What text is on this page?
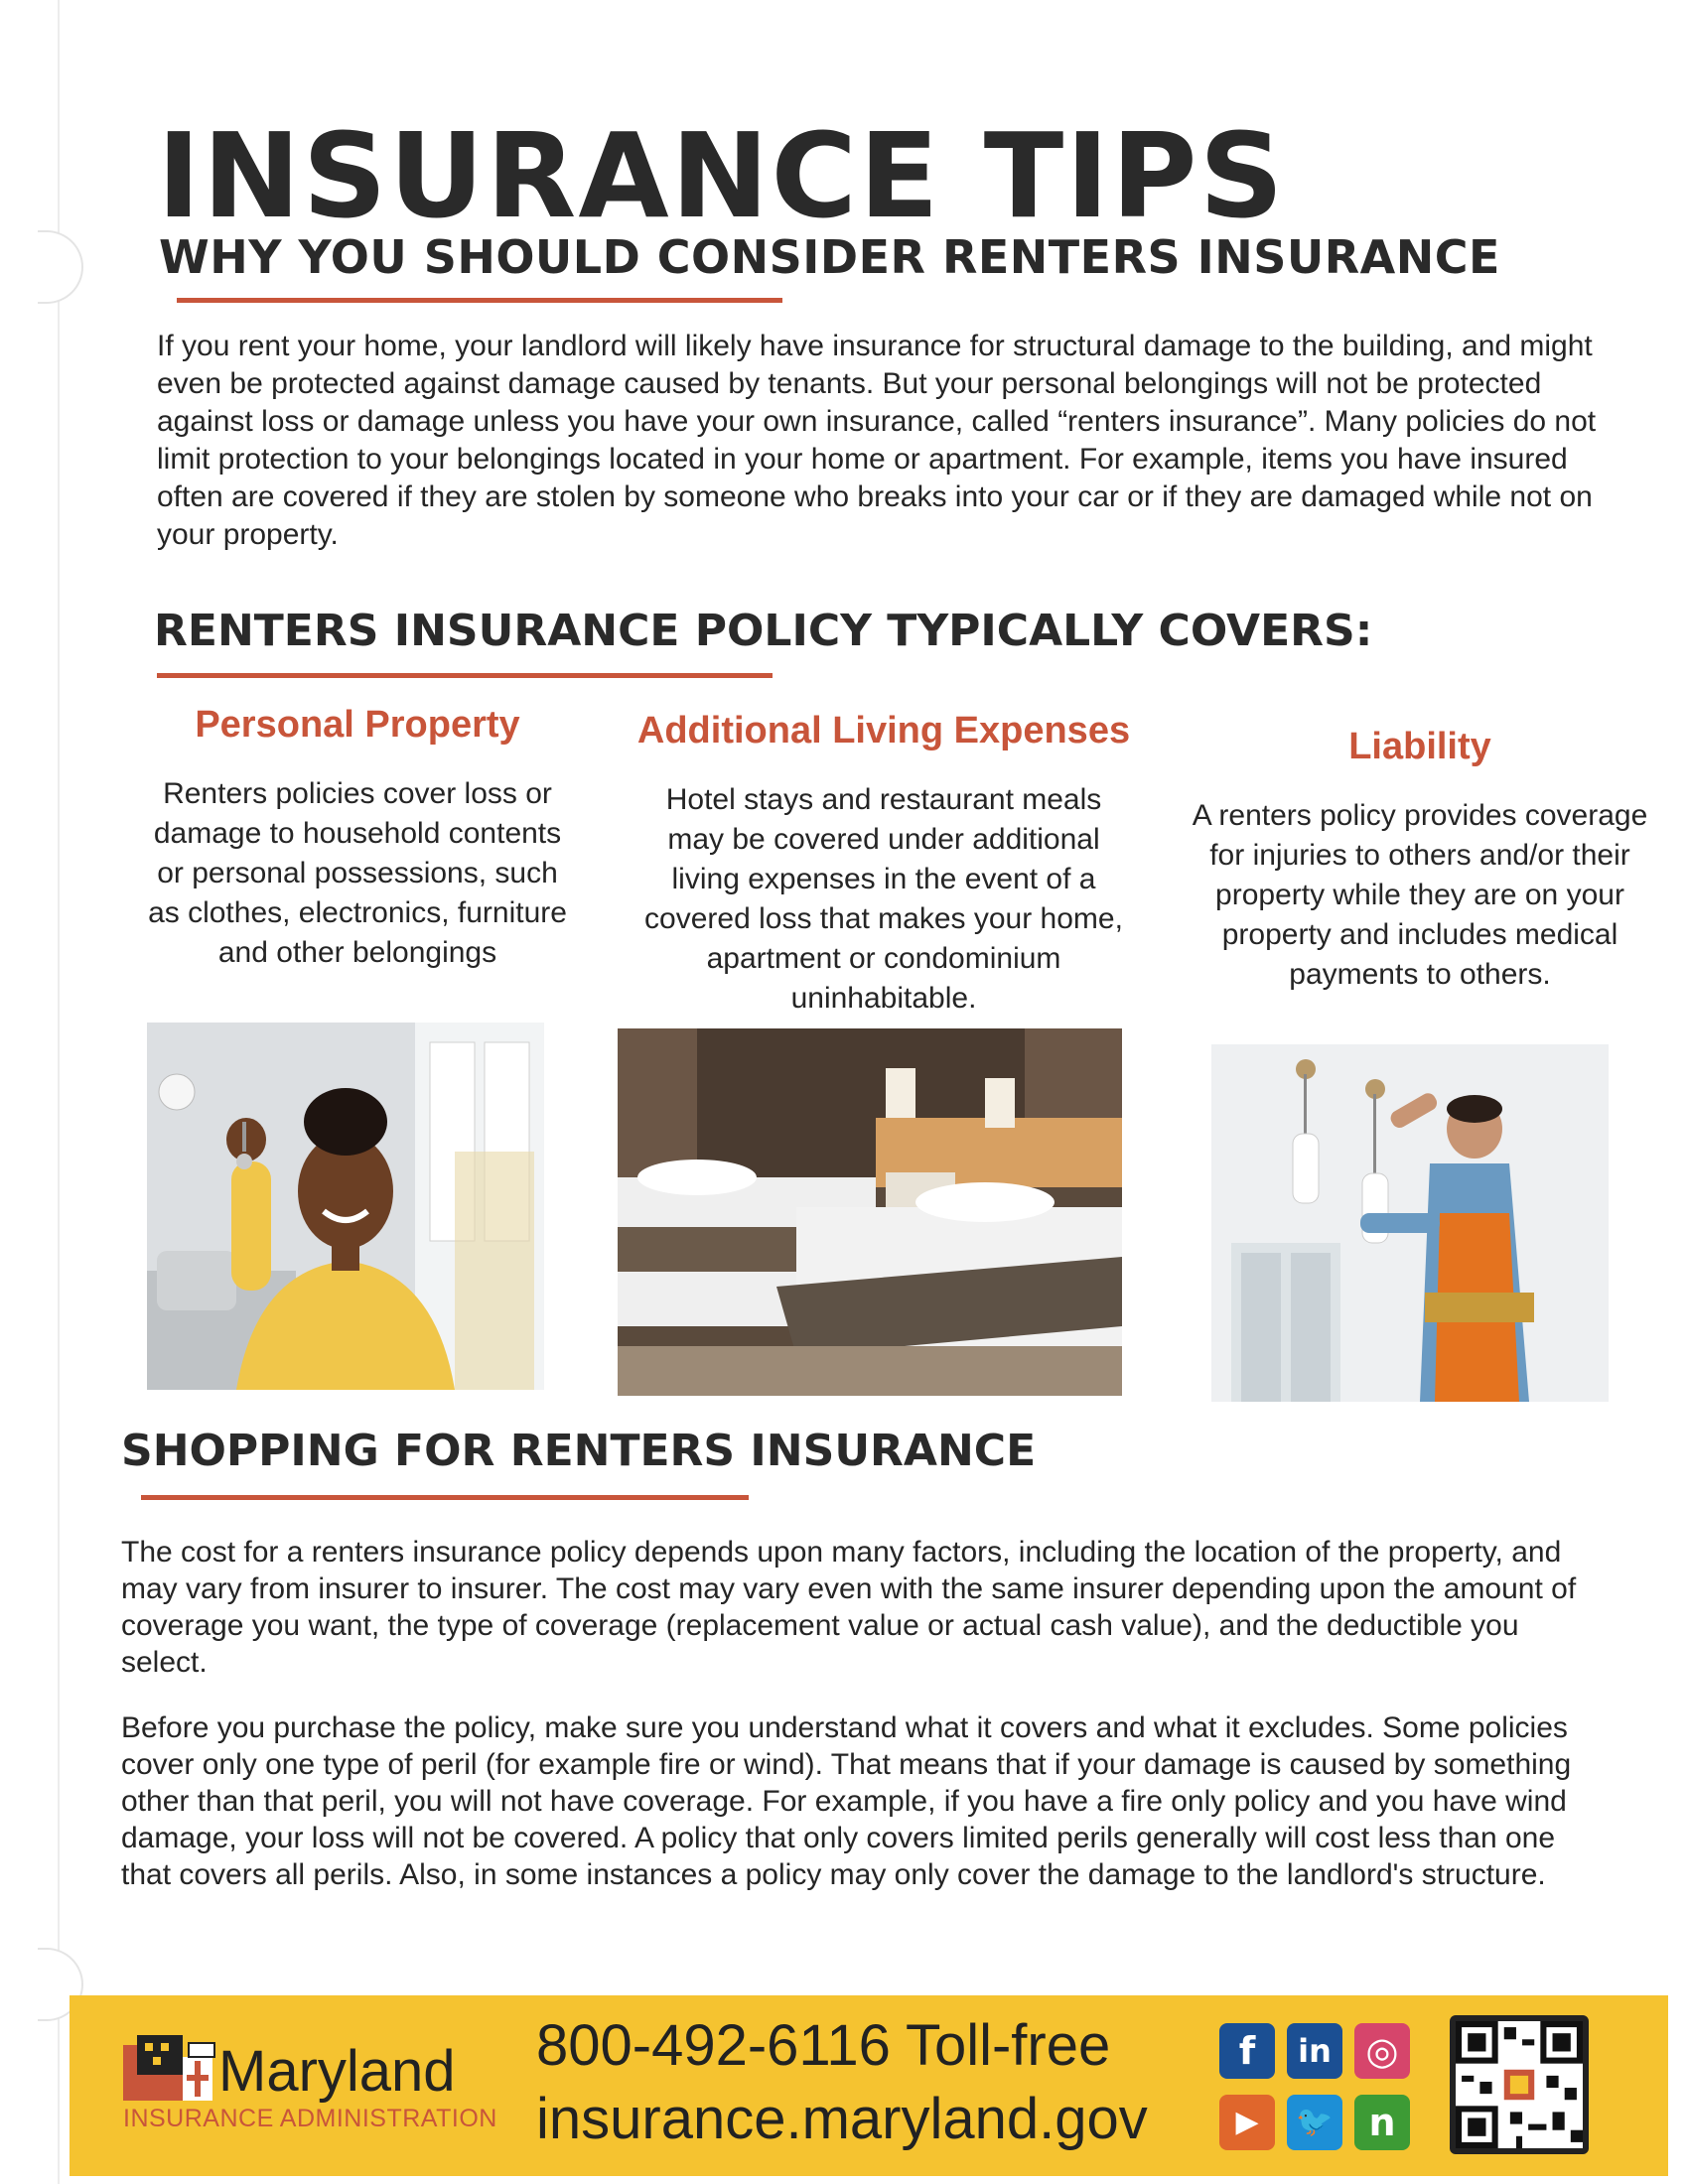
INSURANCE TIPS
WHY YOU SHOULD CONSIDER RENTERS INSURANCE

If you rent your home, your landlord will likely have insurance for structural damage to the building, and might even be protected against damage caused by tenants. But your personal belongings will not be protected against loss or damage unless you have your own insurance, called “renters insurance”. Many policies do not limit protection to your belongings located in your home or apartment. For example, items you have insured often are covered if they are stolen by someone who breaks into your car or if they are damaged while not on your property.

RENTERS INSURANCE POLICY TYPICALLY COVERS:
Personal Property

Renters policies cover loss or damage to household contents or personal possessions, such as clothes, electronics, furniture and other belongings

Additional Living Expenses

Hotel stays and restaurant meals may be covered under additional living expenses in the event of a covered loss that makes your home, apartment or condominium uninhabitable.

Liability

A renters policy provides coverage for injuries to others and/or their property while they are on your property and includes medical payments to others.

SHOPPING FOR RENTERS INSURANCE

The cost for a renters insurance policy depends upon many factors, including the location of the property, and may vary from insurer to insurer. The cost may vary even with the same insurer depending upon the amount of coverage you want, the type of coverage (replacement value or actual cash value), and the deductible you select.

Before you purchase the policy, make sure you understand what it covers and what it excludes. Some policies cover only one type of peril (for example fire or wind). That means that if your damage is caused by something other than that peril, you will not have coverage. For example, if you have a fire only policy and you have wind damage, your loss will not be covered. A policy that only covers limited perils generally will cost less than one that covers all perils. Also, in some instances a policy may only cover the damage to the landlord's structure.

Maryland
INSURANCE ADMINISTRATION
800-492-6116 Toll-free
insurance.maryland.gov
f	in ◎
▶	🐦 n
